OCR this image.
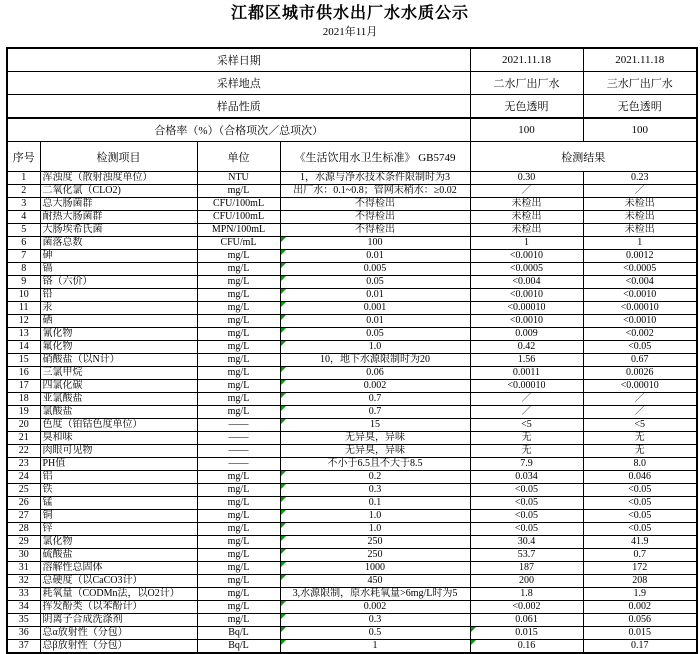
江都区城市供水出厂水水质公示
2021年11月
采样日期				2021.11.18	2021.11.18
采样地点				二水厂出厂水	三水厂出厂水
样品性质				无色透明	无色透明
合格率（%）（合格项次／总项次）				100	100
序号	检测项目	单位	《生活饮用水卫生标准》 GB5749	检测结果	
1	浑浊度（散射浊度单位）	NTU	1，水源与净水技术条件限制时为3	0.30	0.23
2	二氧化氯（CLO2)	mg/L	出厂水：0.1~0.8；管网末稍水：≥0.02	／	／
3	总大肠菌群	CFU/100mL	不得检出	未检出	未检出
4	耐热大肠菌群	CFU/100mL	不得检出	未检出	未检出
5	大肠埃希氏菌	MPN/100mL	不得检出	未检出	未检出
6	菌落总数	CFU/mL	100	1	1
7	砷	mg/L	0.01	<0.0010	0.0012
8	镉	mg/L	0.005	<0.0005	<0.0005
9	铬（六价）	mg/L	0.05	<0.004	<0.004
10	铅	mg/L	0.01	<0.0010	<0.0010
11	汞	mg/L	0.001	<0.00010	<0.00010
12	硒	mg/L	0.01	<0.0010	<0.0010
13	氰化物	mg/L	0.05	0.009	<0.002
14	氟化物	mg/L	1.0	0.42	<0.05
15	硝酸盐（以N计）	mg/L	10，地下水源限制时为20	1.56	0.67
16	三氯甲烷	mg/L	0.06	0.0011	0.0026
17	四氯化碳	mg/L	0.002	<0.00010	<0.00010
18	亚氯酸盐	mg/L	0.7	／	／
19	氯酸盐	mg/L	0.7	／	／
20	色度（铂钴色度单位）	——	15	<5	<5
21	臭和味	——	无异臭，异味	无	无
22	肉眼可见物	——	无异臭，异味	无	无
23	PH值	——	不小于6.5且不大于8.5	7.9	8.0
24	铝	mg/L	0.2	0.034	0.046
25	铁	mg/L	0.3	<0.05	<0.05
26	锰	mg/L	0.1	<0.05	<0.05
27	铜	mg/L	1.0	<0.05	<0.05
28	锌	mg/L	1.0	<0.05	<0.05
29	氯化物	mg/L	250	30.4	41.9
30	硫酸盐	mg/L	250	53.7	0.7
31	溶解性总固体	mg/L	1000	187	172
32	总硬度（以CaCO3计）	mg/L	450	200	208
33	耗氧量（CODMn法，以O2计）	mg/L	3,水源限制，原水耗氧量>6mg/L时为5	1.8	1.9
34	挥发酚类（以苯酚计）	mg/L	0.002	<0.002	0.002
35	阴离子合成洗涤剂	mg/L	0.3	0.061	0.056
36	总α放射性（分包）	Bq/L	0.5	0.015	0.015
37	总β放射性（分包）	Bq/L	1	0.16	0.17
